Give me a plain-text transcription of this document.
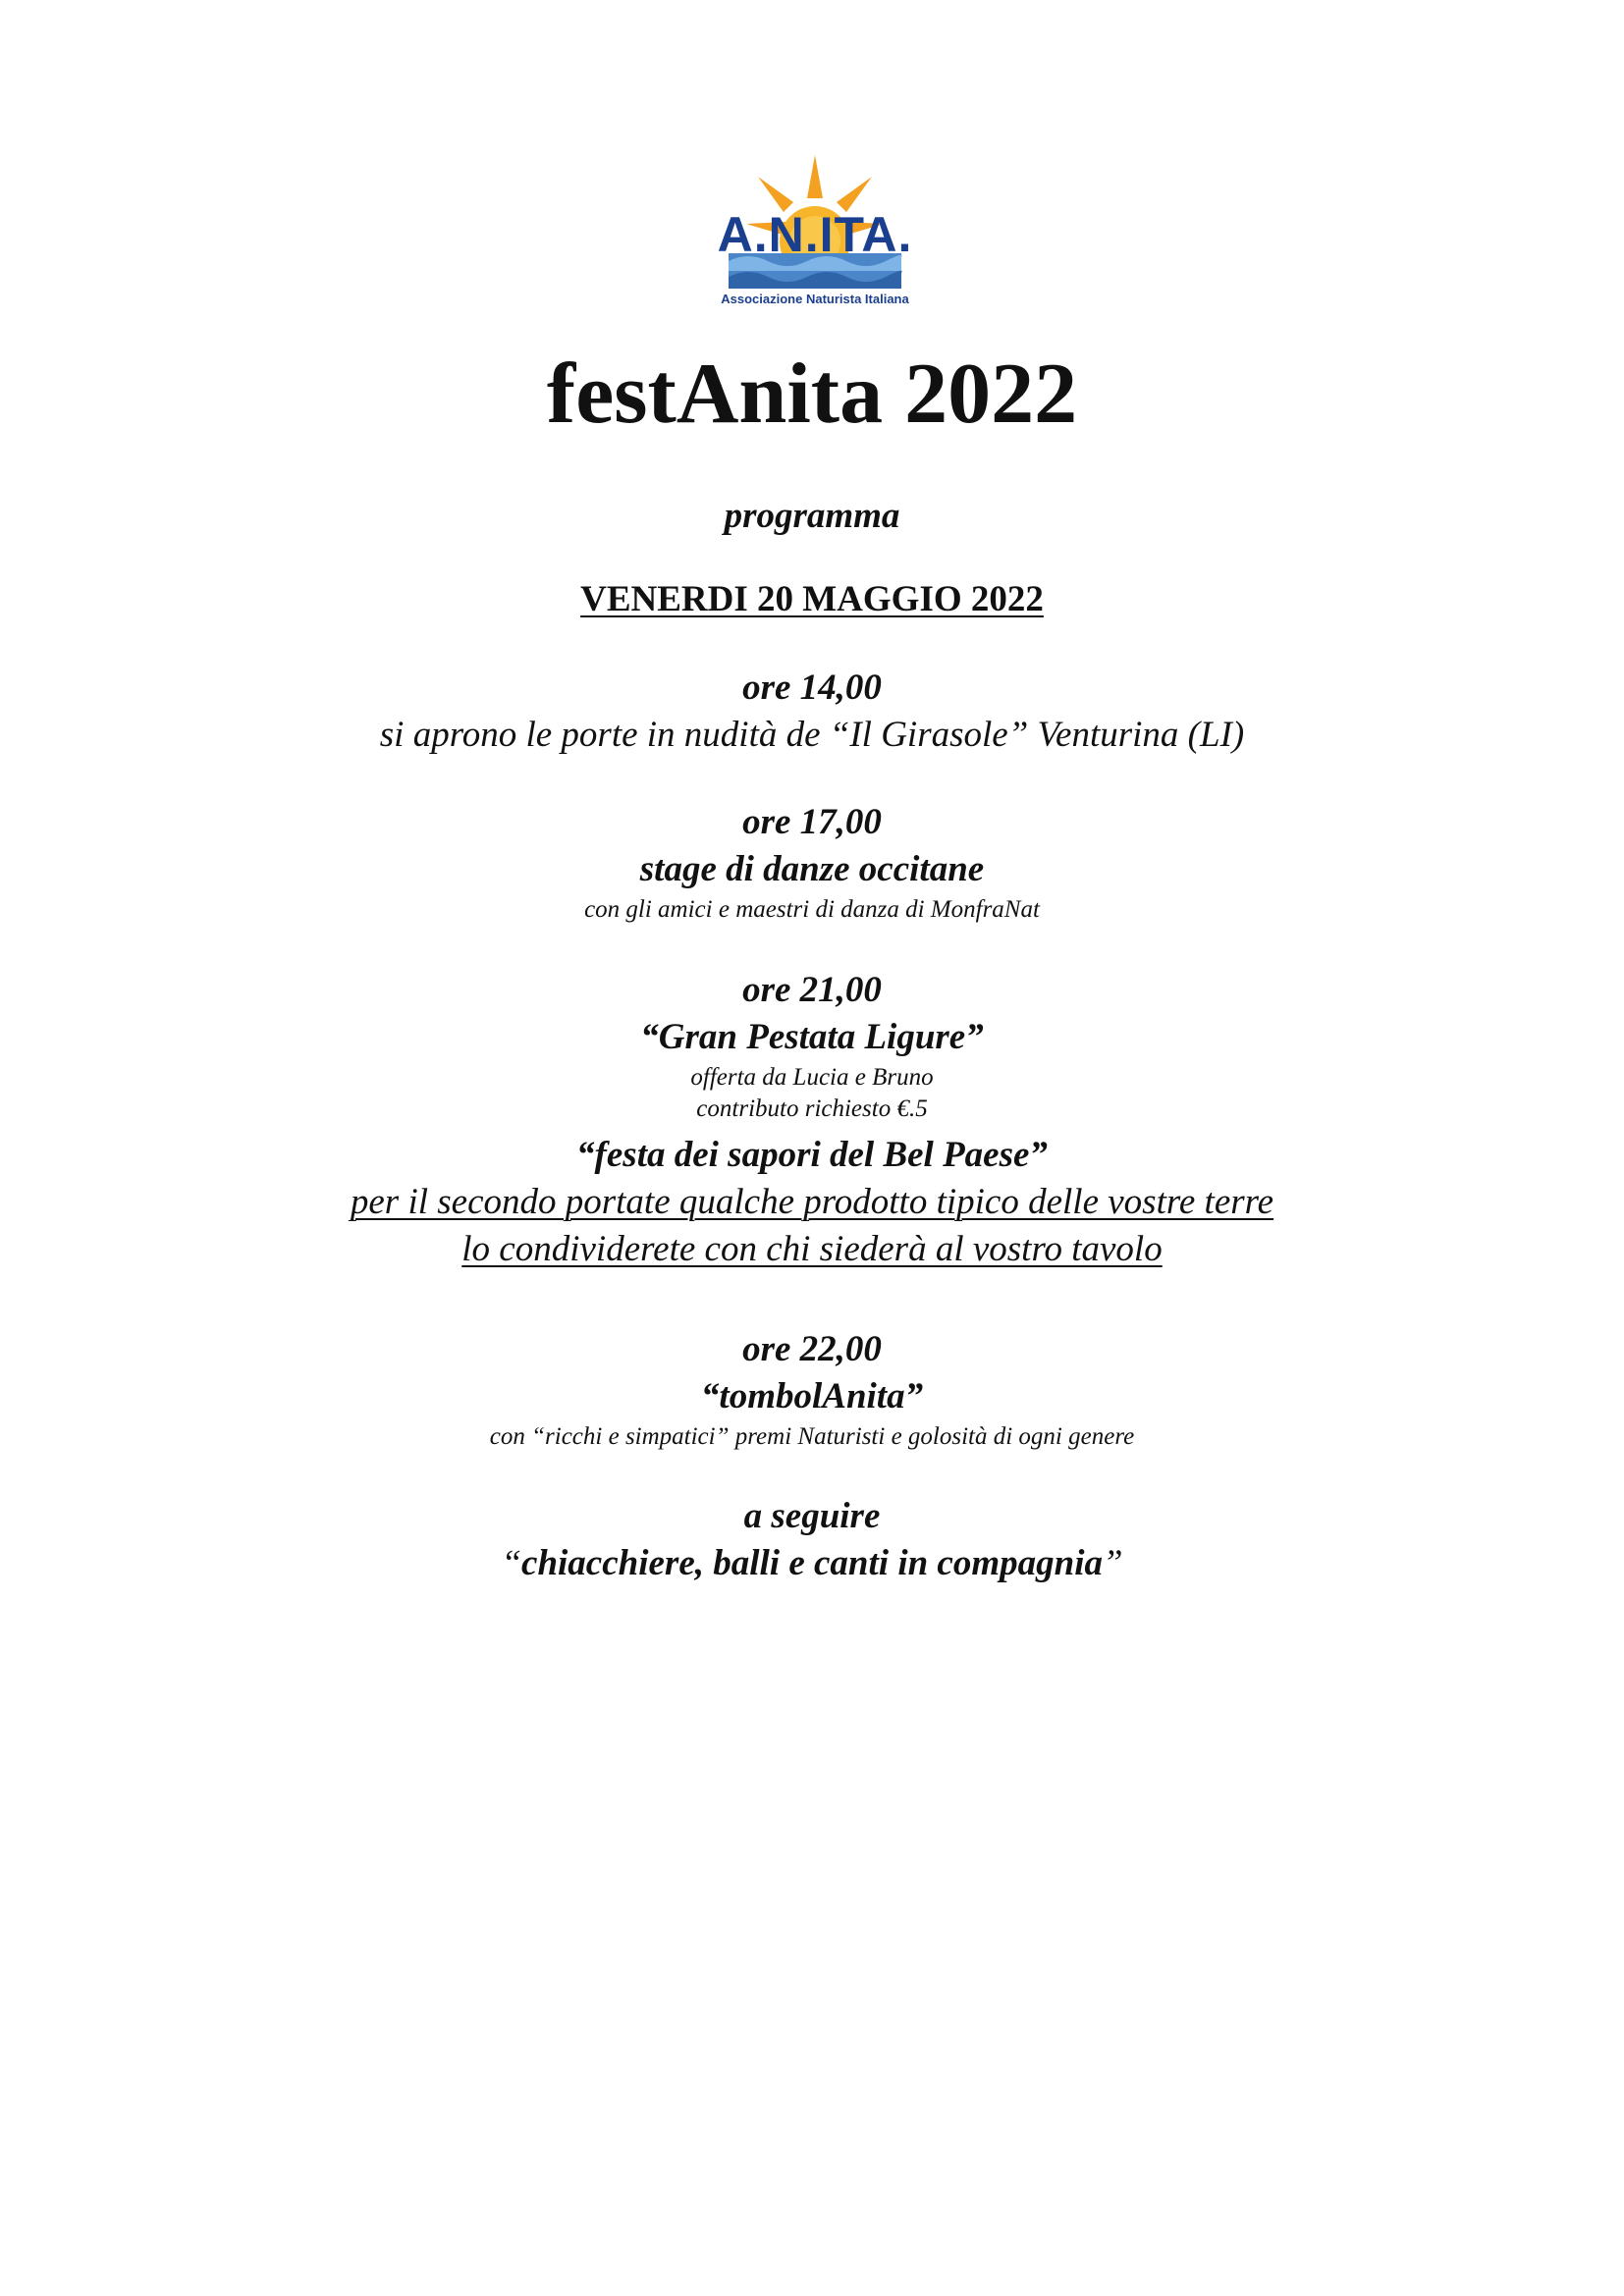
A.N.ITA.
Associazione Naturista Italiana
festAnita 2022
programma
VENERDI 20 MAGGIO 2022
ore 14,00
si aprono le porte in nudità de “Il Girasole” Venturina (LI)
ore 17,00
stage di danze occitane
con gli amici e maestri di danza di MonfraNat
ore 21,00
“Gran Pestata Ligure”
offerta da Lucia e Bruno
contributo richiesto €.5
“festa dei sapori del Bel Paese”
per il secondo portate qualche prodotto tipico delle vostre terre
lo condividerete con chi siederà al vostro tavolo
ore 22,00
“tombolAnita”
con “ricchi e simpatici” premi Naturisti e golosità di ogni genere
a seguire
“chiacchiere, balli e canti in compagnia”
